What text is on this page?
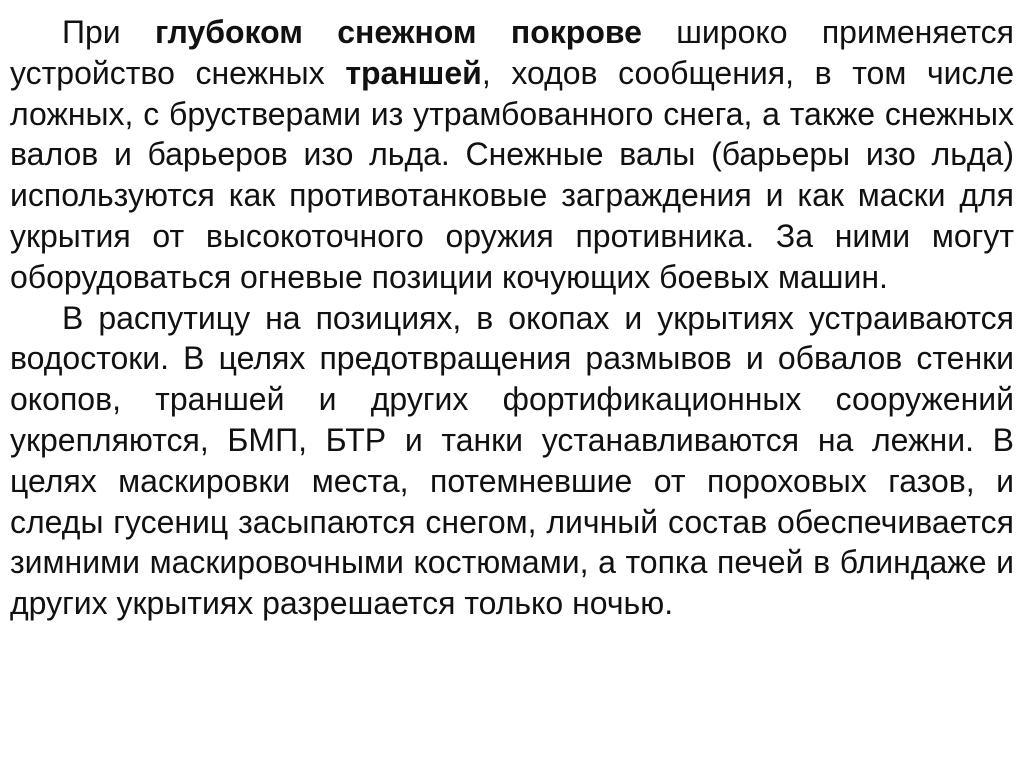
При глубоком снежном покрове широко применяется устройство снежных траншей, ходов сообщения, в том числе ложных, с брустверами из утрамбованного снега, а также снежных валов и барьеров изо льда. Снежные валы (барьеры изо льда) используются как противотанковые заграждения и как маски для укрытия от высокоточного оружия противника. За ними могут оборудоваться огневые позиции кочующих боевых машин.

В распутицу на позициях, в окопах и укрытиях устраиваются водостоки. В целях предотвращения размывов и обвалов стенки окопов, траншей и других фортификационных сооружений укрепляются, БМП, БТР и танки устанавливаются на лежни. В целях маскировки места, потемневшие от пороховых газов, и следы гусениц засыпаются снегом, личный состав обеспечивается зимними маскировочными костюмами, а топка печей в блиндаже и других укрытиях разрешается только ночью.
